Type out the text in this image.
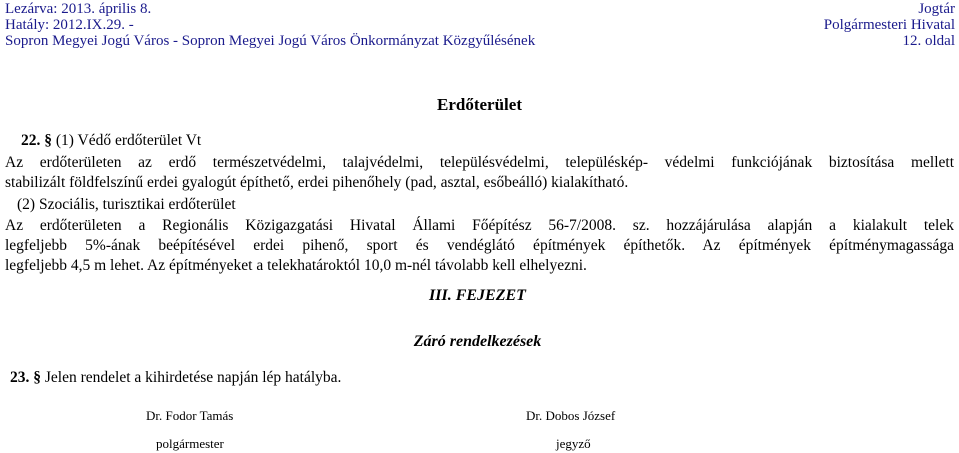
Lezárva: 2013. április 8.
Hatály: 2012.IX.29. -
Sopron Megyei Jogú Város - Sopron Megyei Jogú Város Önkormányzat Közgyűlésének
Jogtár
Polgármesteri Hivatal
12. oldal
Erdőterület
22. § (1) Védő erdőterület Vt
Az erdőterületen az erdő természetvédelmi, talajvédelmi, településvédelmi, településkép- védelmi funkciójának biztosítása mellett
stabilizált földfelszínű erdei gyalogút építhető, erdei pihenőhely (pad, asztal, esőbeálló) kialakítható.
(2) Szociális, turisztikai erdőterület
Az erdőterületen a Regionális Közigazgatási Hivatal Állami Főépítész 56-7/2008. sz. hozzájárulása alapján a kialakult telek
legfeljebb 5%-ának beépítésével erdei pihenő, sport és vendéglátó építmények építhetők. Az építmények építménymagassága
legfeljebb 4,5 m lehet. Az építményeket a telekhatároktól 10,0 m-nél távolabb kell elhelyezni.
III. FEJEZET
Záró rendelkezések
23. § Jelen rendelet a kihirdetése napján lép hatályba.
Dr. Fodor Tamás
polgármester
Dr. Dobos József
jegyző
